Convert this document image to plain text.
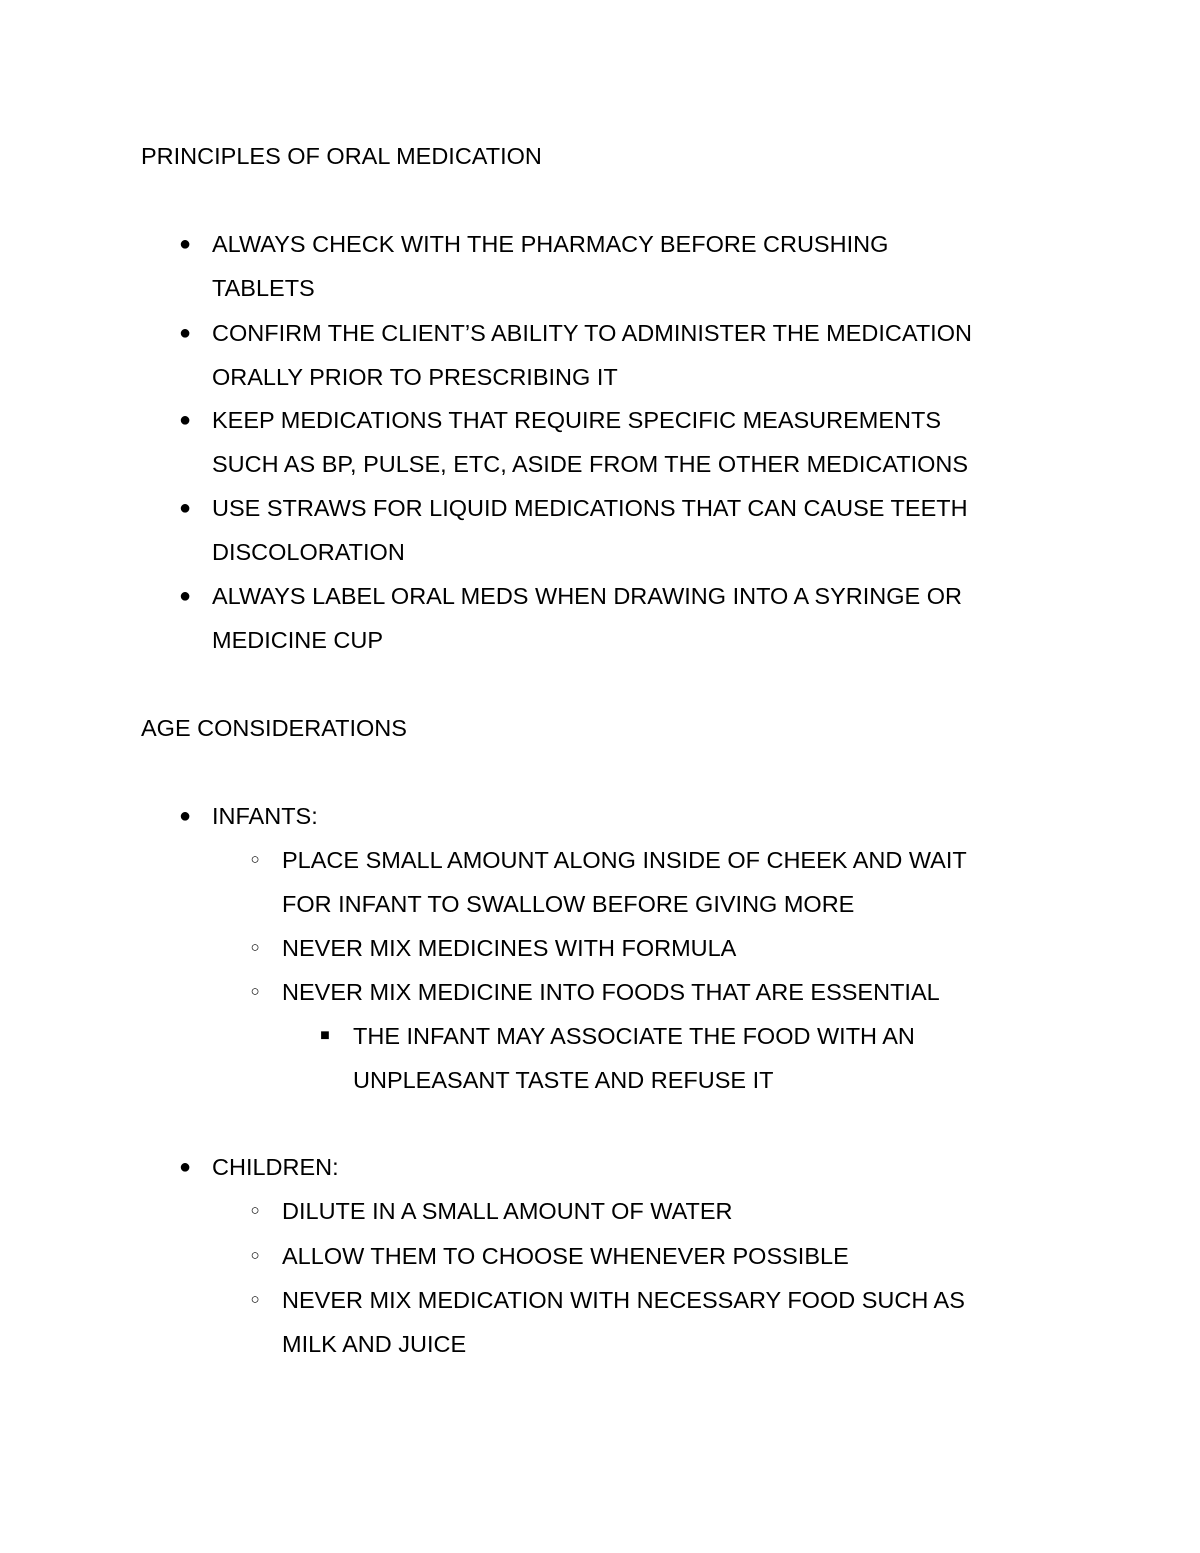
PRINCIPLES OF ORAL MEDICATION
● ALWAYS CHECK WITH THE PHARMACY BEFORE CRUSHING
TABLETS

● CONFIRM THE CLIENT’S ABILITY TO ADMINISTER THE MEDICATION
ORALLY PRIOR TO PRESCRIBING IT

● KEEP MEDICATIONS THAT REQUIRE SPECIFIC MEASUREMENTS
SUCH AS BP, PULSE, ETC, ASIDE FROM THE OTHER MEDICATIONS

● USE STRAWS FOR LIQUID MEDICATIONS THAT CAN CAUSE TEETH
DISCOLORATION

● ALWAYS LABEL ORAL MEDS WHEN DRAWING INTO A SYRINGE OR
MEDICINE CUP

AGE CONSIDERATIONS
● INFANTS:

○ PLACE SMALL AMOUNT ALONG INSIDE OF CHEEK AND WAIT
FOR INFANT TO SWALLOW BEFORE GIVING MORE

○ NEVER MIX MEDICINES WITH FORMULA

○ NEVER MIX MEDICINE INTO FOODS THAT ARE ESSENTIAL

■ THE INFANT MAY ASSOCIATE THE FOOD WITH AN
UNPLEASANT TASTE AND REFUSE IT

● CHILDREN:

○ DILUTE IN A SMALL AMOUNT OF WATER

○ ALLOW THEM TO CHOOSE WHENEVER POSSIBLE

○ NEVER MIX MEDICATION WITH NECESSARY FOOD SUCH AS
MILK AND JUICE
